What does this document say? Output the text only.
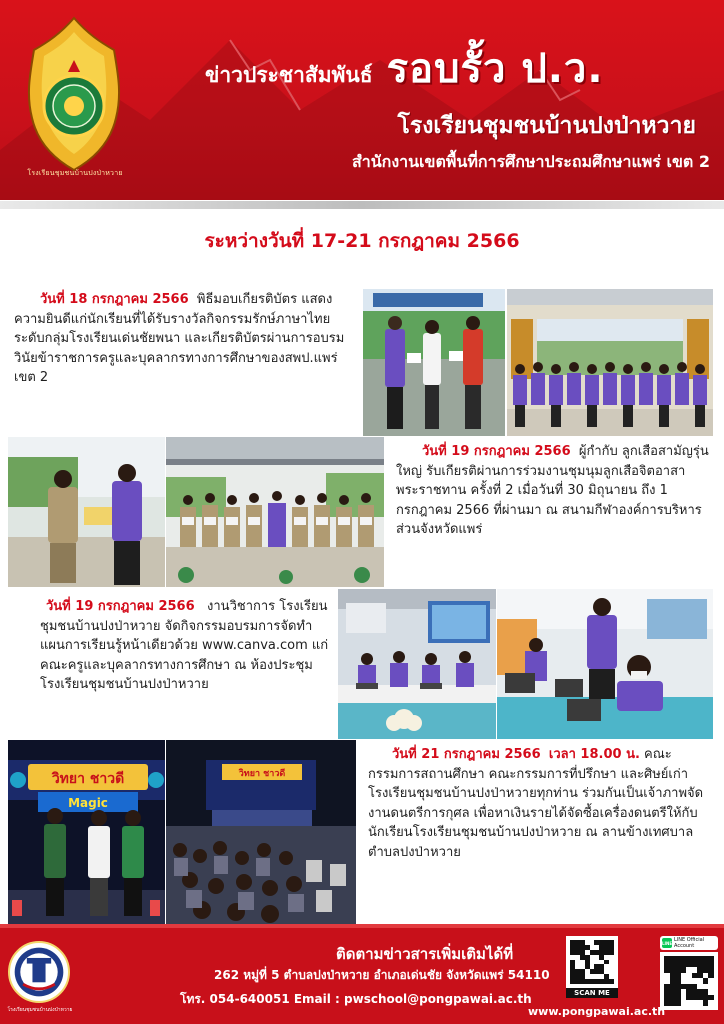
โรงเรียนชุมชนบ้านปงป่าหวาย
ข่าวประชาสัมพันธ์ รอบรั้ว ป.ว.
โรงเรียนชุมชนบ้านปงป่าหวาย
สำนักงานเขตพื้นที่การศึกษาประถมศึกษาแพร่ เขต 2
ระหว่างวันที่ 17-21 กรกฎาคม 2566
วันที่ 18 กรกฎาคม 2566 พิธีมอบเกียรติบัตร แสดงความยินดีแก่นักเรียนที่ได้รับรางวัลกิจกรรมรักษ์ภาษาไทย ระดับกลุ่มโรงเรียนเด่นชัยพนา และเกียรติบัตรผ่านการอบรมวินัยข้าราชการครูและบุคลากรทางการศึกษาของสพป.แพร่ เขต 2
วันที่ 19 กรกฎาคม 2566 ผู้กำกับ ลูกเสือสามัญรุ่นใหญ่ รับเกียรติผ่านการร่วมงานชุมนุมลูกเสือจิตอาสาพระราชทาน ครั้งที่ 2 เมื่อวันที่ 30 มิถุนายน ถึง 1 กรกฎาคม 2566 ที่ผ่านมา ณ สนามกีฬาองค์การบริหารส่วนจังหวัดแพร่
วันที่ 19 กรกฎาคม 2566 งานวิชาการ โรงเรียนชุมชนบ้านปงป่าหวาย จัดกิจกรรมอบรมการจัดทำแผนการเรียนรู้หน้าเดียวด้วย www.canva.com แก่คณะครูและบุคลากรทางการศึกษา ณ ห้องประชุมโรงเรียนชุมชนบ้านปงป่าหวาย
วิทยา ชาวดี
Magic
วิทยา ชาวดี
วันที่ 21 กรกฎาคม 2566 เวลา 18.00 น. คณะกรรมการสถานศึกษา คณะกรรมการที่ปรึกษา และศิษย์เก่าโรงเรียนชุมชนบ้านปงป่าหวายทุกท่าน ร่วมกันเป็นเจ้าภาพจัดงานดนตรีการกุศล เพื่อหาเงินรายได้จัดซื้อเครื่องดนตรีให้กับนักเรียนโรงเรียนชุมชนบ้านปงป่าหวาย ณ ลานข้างเทศบาลตำบลปงป่าหวาย
โรงเรียนชุมชนบ้านปงป่าหวาย
ติดตามข่าวสารเพิ่มเติมได้ที่
262 หมู่ที่ 5 ตำบลปงป่าหวาย อำเภอเด่นชัย จังหวัดแพร่ 54110
โทร. 054-640051 Email : pwschool@pongpawai.ac.th	SCAN ME
LINE LINE Official Account
www.pongpawai.ac.th
